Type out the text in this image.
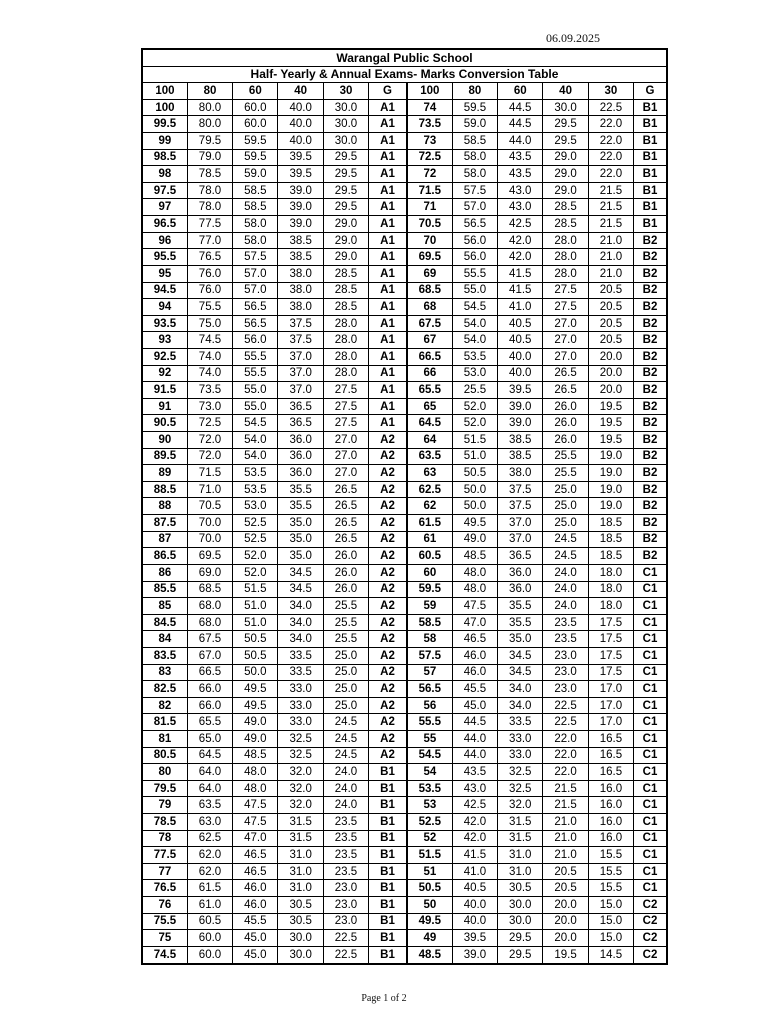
06.09.2025
Warangal Public School											
Half- Yearly & Annual Exams- Marks Conversion Table											
100	80	60	40	30	G	100	80	60	40	30	G
100	80.0	60.0	40.0	30.0	A1	74	59.5	44.5	30.0	22.5	B1
99.5	80.0	60.0	40.0	30.0	A1	73.5	59.0	44.5	29.5	22.0	B1
99	79.5	59.5	40.0	30.0	A1	73	58.5	44.0	29.5	22.0	B1
98.5	79.0	59.5	39.5	29.5	A1	72.5	58.0	43.5	29.0	22.0	B1
98	78.5	59.0	39.5	29.5	A1	72	58.0	43.5	29.0	22.0	B1
97.5	78.0	58.5	39.0	29.5	A1	71.5	57.5	43.0	29.0	21.5	B1
97	78.0	58.5	39.0	29.5	A1	71	57.0	43.0	28.5	21.5	B1
96.5	77.5	58.0	39.0	29.0	A1	70.5	56.5	42.5	28.5	21.5	B1
96	77.0	58.0	38.5	29.0	A1	70	56.0	42.0	28.0	21.0	B2
95.5	76.5	57.5	38.5	29.0	A1	69.5	56.0	42.0	28.0	21.0	B2
95	76.0	57.0	38.0	28.5	A1	69	55.5	41.5	28.0	21.0	B2
94.5	76.0	57.0	38.0	28.5	A1	68.5	55.0	41.5	27.5	20.5	B2
94	75.5	56.5	38.0	28.5	A1	68	54.5	41.0	27.5	20.5	B2
93.5	75.0	56.5	37.5	28.0	A1	67.5	54.0	40.5	27.0	20.5	B2
93	74.5	56.0	37.5	28.0	A1	67	54.0	40.5	27.0	20.5	B2
92.5	74.0	55.5	37.0	28.0	A1	66.5	53.5	40.0	27.0	20.0	B2
92	74.0	55.5	37.0	28.0	A1	66	53.0	40.0	26.5	20.0	B2
91.5	73.5	55.0	37.0	27.5	A1	65.5	25.5	39.5	26.5	20.0	B2
91	73.0	55.0	36.5	27.5	A1	65	52.0	39.0	26.0	19.5	B2
90.5	72.5	54.5	36.5	27.5	A1	64.5	52.0	39.0	26.0	19.5	B2
90	72.0	54.0	36.0	27.0	A2	64	51.5	38.5	26.0	19.5	B2
89.5	72.0	54.0	36.0	27.0	A2	63.5	51.0	38.5	25.5	19.0	B2
89	71.5	53.5	36.0	27.0	A2	63	50.5	38.0	25.5	19.0	B2
88.5	71.0	53.5	35.5	26.5	A2	62.5	50.0	37.5	25.0	19.0	B2
88	70.5	53.0	35.5	26.5	A2	62	50.0	37.5	25.0	19.0	B2
87.5	70.0	52.5	35.0	26.5	A2	61.5	49.5	37.0	25.0	18.5	B2
87	70.0	52.5	35.0	26.5	A2	61	49.0	37.0	24.5	18.5	B2
86.5	69.5	52.0	35.0	26.0	A2	60.5	48.5	36.5	24.5	18.5	B2
86	69.0	52.0	34.5	26.0	A2	60	48.0	36.0	24.0	18.0	C1
85.5	68.5	51.5	34.5	26.0	A2	59.5	48.0	36.0	24.0	18.0	C1
85	68.0	51.0	34.0	25.5	A2	59	47.5	35.5	24.0	18.0	C1
84.5	68.0	51.0	34.0	25.5	A2	58.5	47.0	35.5	23.5	17.5	C1
84	67.5	50.5	34.0	25.5	A2	58	46.5	35.0	23.5	17.5	C1
83.5	67.0	50.5	33.5	25.0	A2	57.5	46.0	34.5	23.0	17.5	C1
83	66.5	50.0	33.5	25.0	A2	57	46.0	34.5	23.0	17.5	C1
82.5	66.0	49.5	33.0	25.0	A2	56.5	45.5	34.0	23.0	17.0	C1
82	66.0	49.5	33.0	25.0	A2	56	45.0	34.0	22.5	17.0	C1
81.5	65.5	49.0	33.0	24.5	A2	55.5	44.5	33.5	22.5	17.0	C1
81	65.0	49.0	32.5	24.5	A2	55	44.0	33.0	22.0	16.5	C1
80.5	64.5	48.5	32.5	24.5	A2	54.5	44.0	33.0	22.0	16.5	C1
80	64.0	48.0	32.0	24.0	B1	54	43.5	32.5	22.0	16.5	C1
79.5	64.0	48.0	32.0	24.0	B1	53.5	43.0	32.5	21.5	16.0	C1
79	63.5	47.5	32.0	24.0	B1	53	42.5	32.0	21.5	16.0	C1
78.5	63.0	47.5	31.5	23.5	B1	52.5	42.0	31.5	21.0	16.0	C1
78	62.5	47.0	31.5	23.5	B1	52	42.0	31.5	21.0	16.0	C1
77.5	62.0	46.5	31.0	23.5	B1	51.5	41.5	31.0	21.0	15.5	C1
77	62.0	46.5	31.0	23.5	B1	51	41.0	31.0	20.5	15.5	C1
76.5	61.5	46.0	31.0	23.0	B1	50.5	40.5	30.5	20.5	15.5	C1
76	61.0	46.0	30.5	23.0	B1	50	40.0	30.0	20.0	15.0	C2
75.5	60.5	45.5	30.5	23.0	B1	49.5	40.0	30.0	20.0	15.0	C2
75	60.0	45.0	30.0	22.5	B1	49	39.5	29.5	20.0	15.0	C2
74.5	60.0	45.0	30.0	22.5	B1	48.5	39.0	29.5	19.5	14.5	C2
Page 1 of 2
